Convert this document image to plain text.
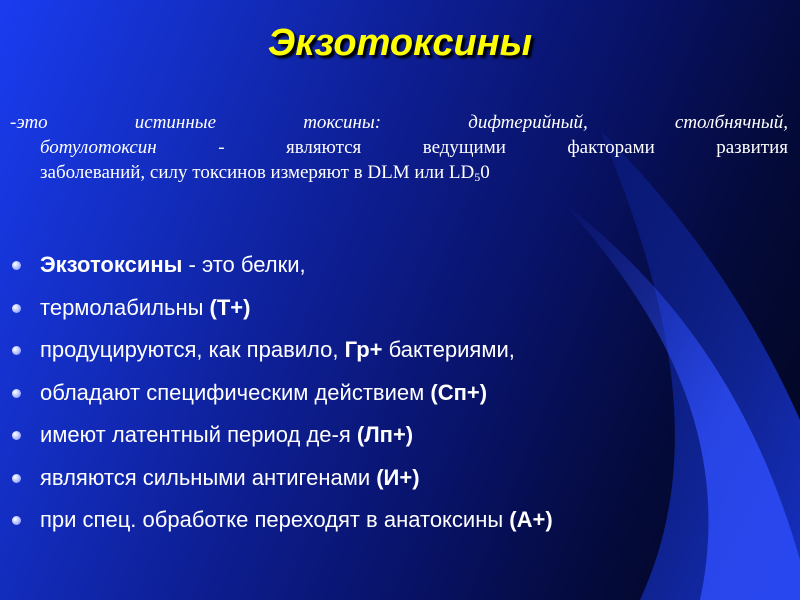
Экзотоксины
-это	истинные	токсины:	дифтерийный,	столбнячный,
ботулотоксин - являются ведущими факторами развития
заболеваний, силу токсинов измеряют в DLM или $LD_50$
Экзотоксины - это белки,
термолабильны (Т+)
продуцируются, как правило, Гр+ бактериями,
обладают специфическим действием (Сп+)
имеют латентный период де-я (Лп+)
являются сильными антигенами (И+)
при спец. обработке переходят в анатоксины (А+)
